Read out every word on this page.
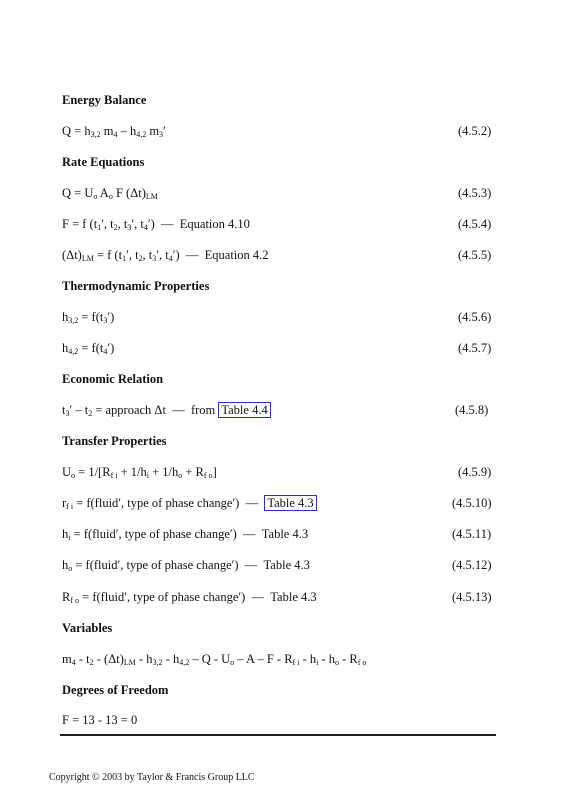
Energy Balance
$Q = h_{3,2}$ $m_4 - h_{4,2}$ $m_3'$	(4.5.2)
Rate Equations
$Q = U_o$ $A_o$ F $(\Delta t)_{LM}$	(4.5.3)
F = f ($t_1'$, $t_2$, $t_3'$, $t_4'$)  —  Equation 4.10	(4.5.4)
$(\Delta t)_{LM} = f$ ($t_1'$, $t_2$, $t_3'$, $t_4'$)  —  Equation 4.2	(4.5.5)
Thermodynamic Properties
$h_{3,2} = f(t_3')$	(4.5.6)
$h_{4,2} = f(t_4')$	(4.5.7)
Economic Relation
$t_3' - t_2$ = approach Δt  —  from Table 4.4	(4.5.8)
Transfer Properties
$U_o = 1/[R_{f i} + 1/h_i + 1/h_o + R_{f o}]$	(4.5.9)
$r_{f i}$ = f(fluid′, type of phase change′)  —  Table 4.3	(4.5.10)
$h_i$ = f(fluid′, type of phase change′)  —  Table 4.3	(4.5.11)
$h_o$ = f(fluid′, type of phase change′)  —  Table 4.3	(4.5.12)
$R_{f o}$ = f(fluid′, type of phase change′)  —  Table 4.3	(4.5.13)
Variables
$m_4 - t_2 - (\Delta t)_{LM} - h_{3,2} - h_{4,2}$ – Q - $U_o$ – A – F - $R_{f i} - h_i - h_o - R_{f o}$
Degrees of Freedom
F = 13 - 13 = 0
Copyright © 2003 by Taylor & Francis Group LLC
